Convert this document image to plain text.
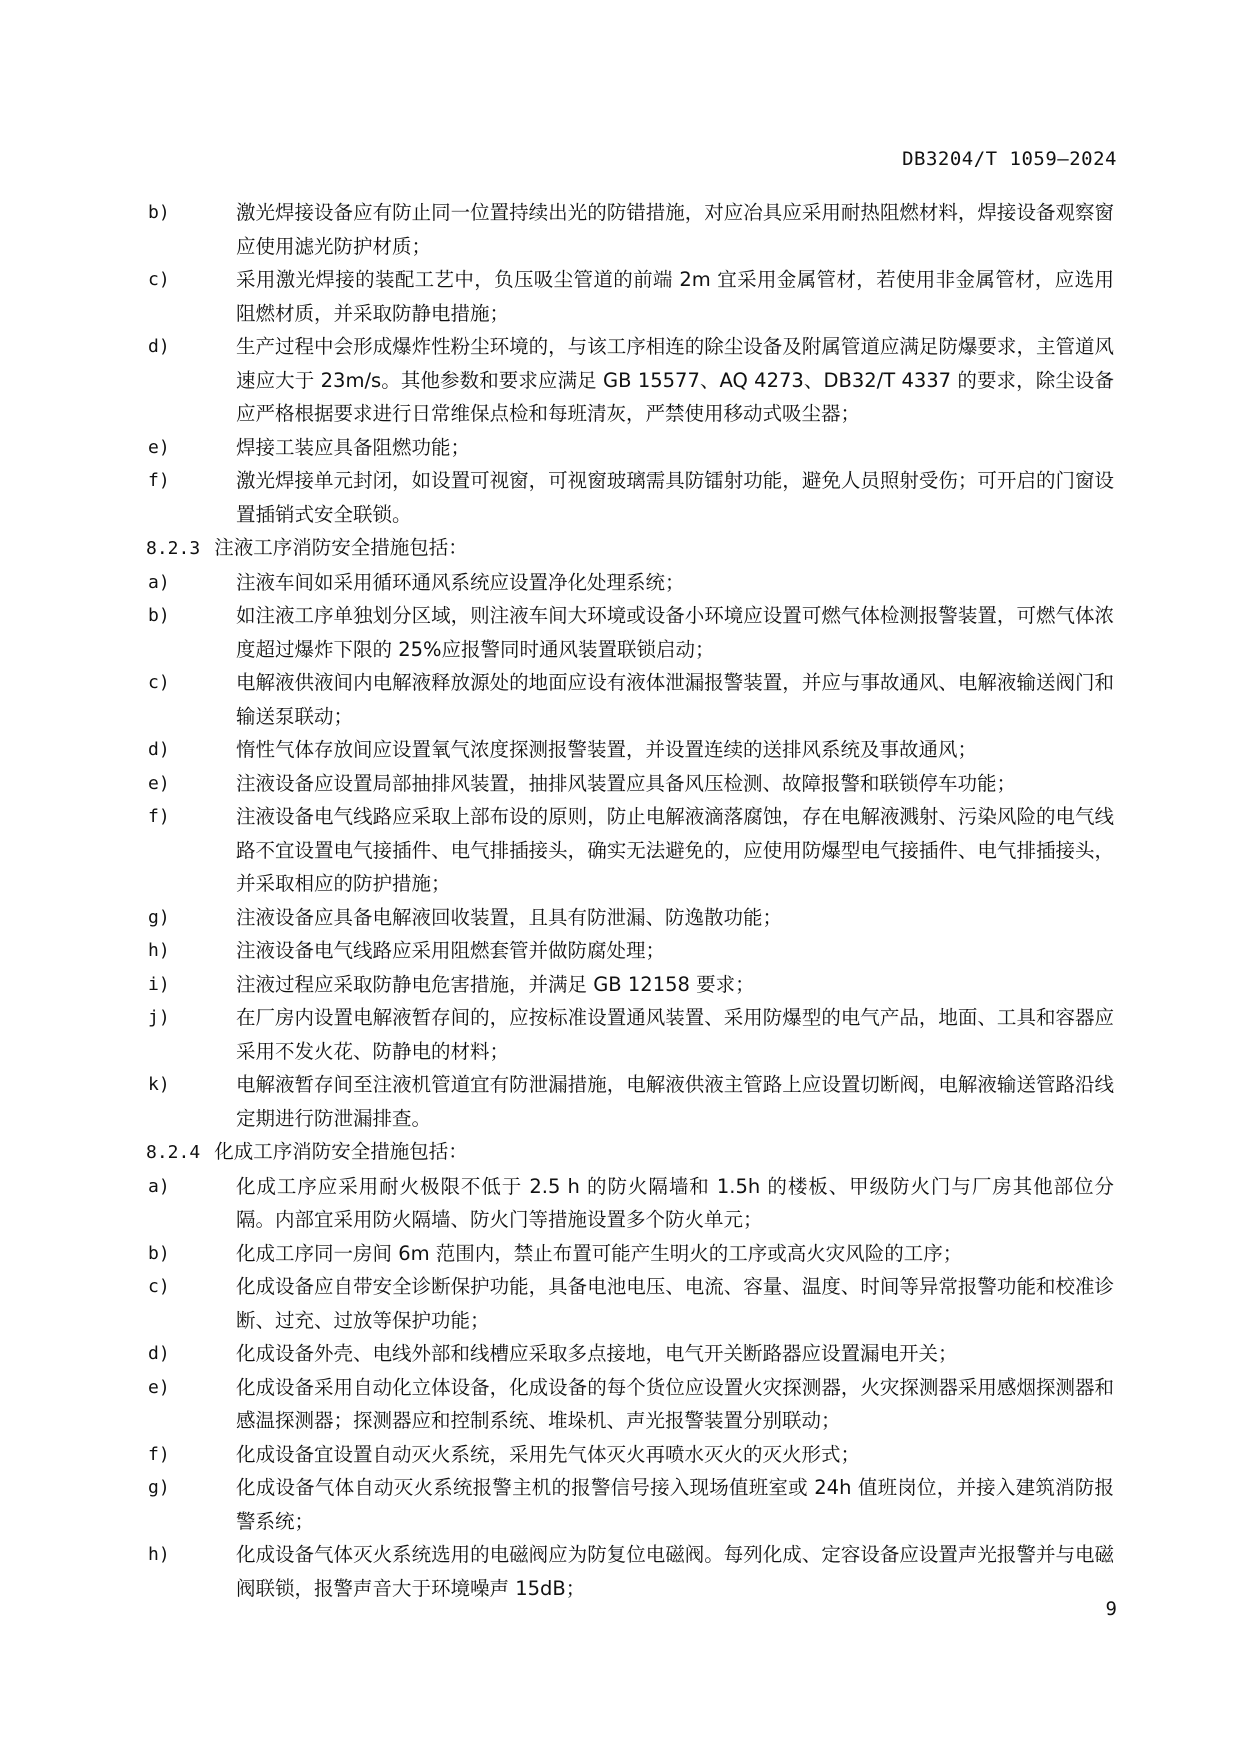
DB3204/T 1059—2024
b)	激光焊接设备应有防止同一位置持续出光的防错措施，对应冶具应采用耐热阻燃材料，焊接设备观察窗应使用滤光防护材质；
c)	采用激光焊接的装配工艺中，负压吸尘管道的前端 2m 宜采用金属管材，若使用非金属管材，应选用阻燃材质，并采取防静电措施；
d)	生产过程中会形成爆炸性粉尘环境的，与该工序相连的除尘设备及附属管道应满足防爆要求，主管道风速应大于 23m/s。其他参数和要求应满足 GB 15577、AQ 4273、DB32/T 4337 的要求，除尘设备应严格根据要求进行日常维保点检和每班清灰，严禁使用移动式吸尘器；
e)	焊接工装应具备阻燃功能；
f)	激光焊接单元封闭，如设置可视窗，可视窗玻璃需具防镭射功能，避免人员照射受伤；可开启的门窗设置插销式安全联锁。
8.2.3 注液工序消防安全措施包括：
a)	注液车间如采用循环通风系统应设置净化处理系统；
b)	如注液工序单独划分区域，则注液车间大环境或设备小环境应设置可燃气体检测报警装置，可燃气体浓度超过爆炸下限的 25%应报警同时通风装置联锁启动；
c)	电解液供液间内电解液释放源处的地面应设有液体泄漏报警装置，并应与事故通风、电解液输送阀门和输送泵联动；
d)	惰性气体存放间应设置氧气浓度探测报警装置，并设置连续的送排风系统及事故通风；
e)	注液设备应设置局部抽排风装置，抽排风装置应具备风压检测、故障报警和联锁停车功能；
f)	注液设备电气线路应采取上部布设的原则，防止电解液滴落腐蚀，存在电解液溅射、污染风险的电气线路不宜设置电气接插件、电气排插接头，确实无法避免的，应使用防爆型电气接插件、电气排插接头，并采取相应的防护措施；
g)	注液设备应具备电解液回收装置，且具有防泄漏、防逸散功能；
h)	注液设备电气线路应采用阻燃套管并做防腐处理；
i)	注液过程应采取防静电危害措施，并满足 GB 12158 要求；
j)	在厂房内设置电解液暂存间的，应按标准设置通风装置、采用防爆型的电气产品，地面、工具和容器应采用不发火花、防静电的材料；
k)	电解液暂存间至注液机管道宜有防泄漏措施，电解液供液主管路上应设置切断阀，电解液输送管路沿线定期进行防泄漏排查。
8.2.4 化成工序消防安全措施包括：
a)	化成工序应采用耐火极限不低于 2.5 h 的防火隔墙和 1.5h 的楼板、甲级防火门与厂房其他部位分隔。内部宜采用防火隔墙、防火门等措施设置多个防火单元；
b)	化成工序同一房间 6m 范围内，禁止布置可能产生明火的工序或高火灾风险的工序；
c)	化成设备应自带安全诊断保护功能，具备电池电压、电流、容量、温度、时间等异常报警功能和校准诊断、过充、过放等保护功能；
d)	化成设备外壳、电线外部和线槽应采取多点接地，电气开关断路器应设置漏电开关；
e)	化成设备采用自动化立体设备，化成设备的每个货位应设置火灾探测器，火灾探测器采用感烟探测器和感温探测器；探测器应和控制系统、堆垛机、声光报警装置分别联动；
f)	化成设备宜设置自动灭火系统，采用先气体灭火再喷水灭火的灭火形式；
g)	化成设备气体自动灭火系统报警主机的报警信号接入现场值班室或 24h 值班岗位，并接入建筑消防报警系统；
h)	化成设备气体灭火系统选用的电磁阀应为防复位电磁阀。每列化成、定容设备应设置声光报警并与电磁阀联锁，报警声音大于环境噪声 15dB；
9
